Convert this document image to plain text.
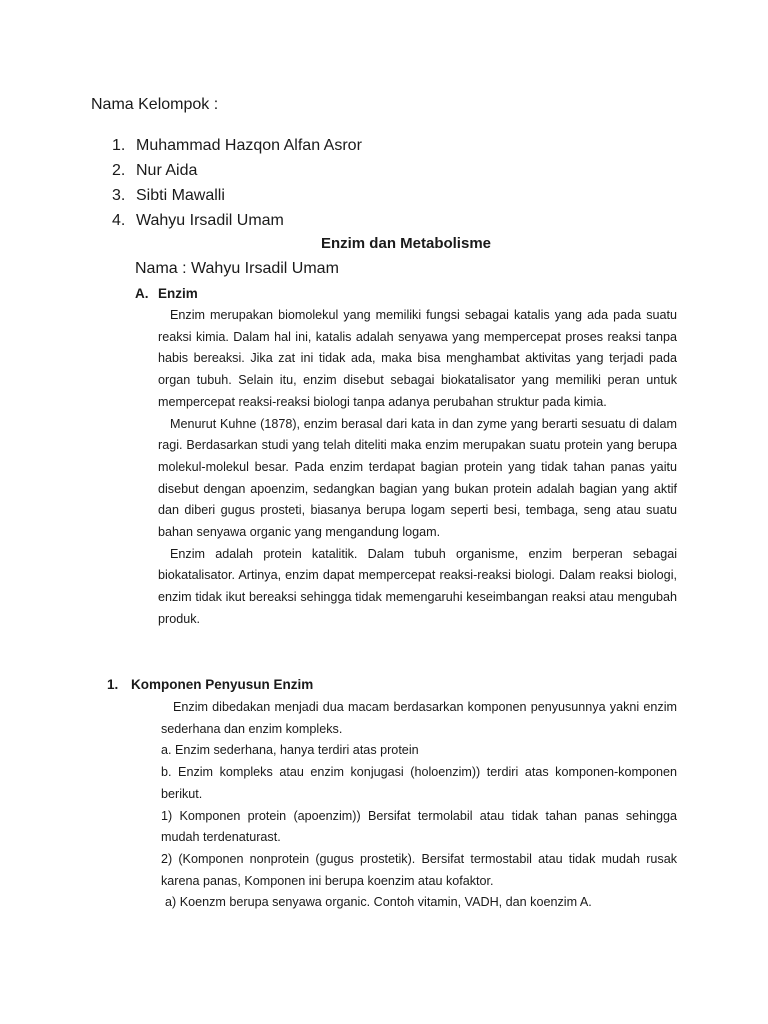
Nama Kelompok :
1. Muhammad Hazqon Alfan Asror
2. Nur Aida
3. Sibti Mawalli
4. Wahyu Irsadil Umam
Enzim dan Metabolisme
Nama : Wahyu Irsadil Umam
A. Enzim

Enzim merupakan biomolekul yang memiliki fungsi sebagai katalis yang ada pada suatu reaksi kimia. Dalam hal ini, katalis adalah senyawa yang mempercepat proses reaksi tanpa habis bereaksi. Jika zat ini tidak ada, maka bisa menghambat aktivitas yang terjadi pada organ tubuh. Selain itu, enzim disebut sebagai biokatalisator yang memiliki peran untuk mempercepat reaksi-reaksi biologi tanpa adanya perubahan struktur pada kimia.

Menurut Kuhne (1878), enzim berasal dari kata in dan zyme yang berarti sesuatu di dalam ragi. Berdasarkan studi yang telah diteliti maka enzim merupakan suatu protein yang berupa molekul-molekul besar. Pada enzim terdapat bagian protein yang tidak tahan panas yaitu disebut dengan apoenzim, sedangkan bagian yang bukan protein adalah bagian yang aktif dan diberi gugus prosteti, biasanya berupa logam seperti besi, tembaga, seng atau suatu bahan senyawa organic yang mengandung logam.

Enzim adalah protein katalitik. Dalam tubuh organisme, enzim berperan sebagai biokatalisator. Artinya, enzim dapat mempercepat reaksi-reaksi biologi. Dalam reaksi biologi, enzim tidak ikut bereaksi sehingga tidak memengaruhi keseimbangan reaksi atau mengubah produk.

1. Komponen Penyusun Enzim

Enzim dibedakan menjadi dua macam berdasarkan komponen penyusunnya yakni enzim sederhana dan enzim kompleks.

a. Enzim sederhana, hanya terdiri atas protein

b. Enzim kompleks atau enzim konjugasi (holoenzim)) terdiri atas komponen-komponen berikut.

1) Komponen protein (apoenzim)) Bersifat termolabil atau tidak tahan panas sehingga mudah terdenaturast.

2) (Komponen nonprotein (gugus prostetik). Bersifat termostabil atau tidak mudah rusak karena panas, Komponen ini berupa koenzim atau kofaktor.

a) Koenzm berupa senyawa organic. Contoh vitamin, VADH, dan koenzim A.
